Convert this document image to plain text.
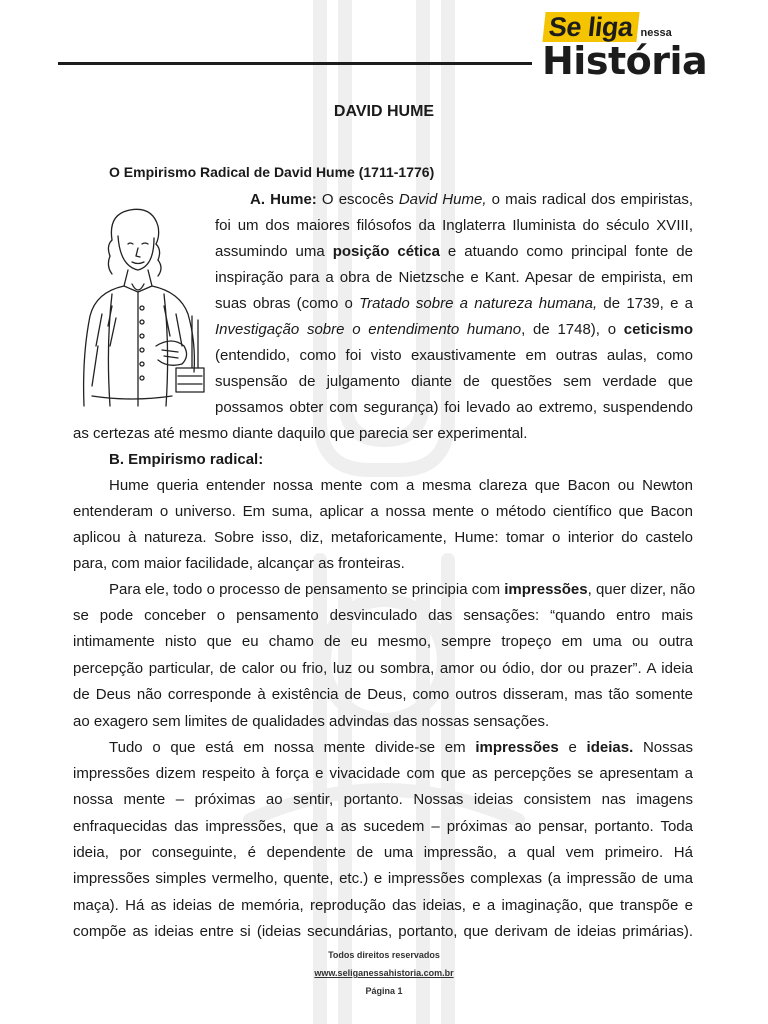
Se liga nessa
História
DAVID HUME
O Empirismo Radical de David Hume (1711-1776)

A. Hume: O escocês David Hume, o mais radical dos empiristas,

foi um dos maiores filósofos da Inglaterra Iluminista do século XVIII,

assumindo uma posição cética e atuando como principal fonte de

inspiração para a obra de Nietzsche e Kant. Apesar de empirista, em

suas obras (como o Tratado sobre a natureza humana, de 1739, e a

Investigação sobre o entendimento humano, de 1748), o ceticismo

(entendido, como foi visto exaustivamente em outras aulas, como

suspensão de julgamento diante de questões sem verdade que

possamos obter com segurança) foi levado ao extremo, suspendendo

as certezas até mesmo diante daquilo que parecia ser experimental.

B. Empirismo radical:

Hume queria entender nossa mente com a mesma clareza que Bacon ou Newton

entenderam o universo. Em suma, aplicar a nossa mente o método científico que Bacon

aplicou à natureza. Sobre isso, diz, metaforicamente, Hume: tomar o interior do castelo

para, com maior facilidade, alcançar as fronteiras.

Para ele, todo o processo de pensamento se principia com impressões, quer dizer, não

se pode conceber o pensamento desvinculado das sensações: “quando entro mais

intimamente nisto que eu chamo de eu mesmo, sempre tropeço em uma ou outra

percepção particular, de calor ou frio, luz ou sombra, amor ou ódio, dor ou prazer”. A ideia

de Deus não corresponde à existência de Deus, como outros disseram, mas tão somente

ao exagero sem limites de qualidades advindas das nossas sensações.

Tudo o que está em nossa mente divide-se em impressões e ideias. Nossas

impressões dizem respeito à força e vivacidade com que as percepções se apresentam a

nossa mente – próximas ao sentir, portanto. Nossas ideias consistem nas imagens

enfraquecidas das impressões, que a as sucedem – próximas ao pensar, portanto. Toda

ideia, por conseguinte, é dependente de uma impressão, a qual vem primeiro. Há

impressões simples vermelho, quente, etc.) e impressões complexas (a impressão de uma

maça). Há as ideias de memória, reprodução das ideias, e a imaginação, que transpõe e

compõe as ideias entre si (ideias secundárias, portanto, que derivam de ideias primárias).

Todos direitos reservados
www.seliganessahistoria.com.br
Página 1
